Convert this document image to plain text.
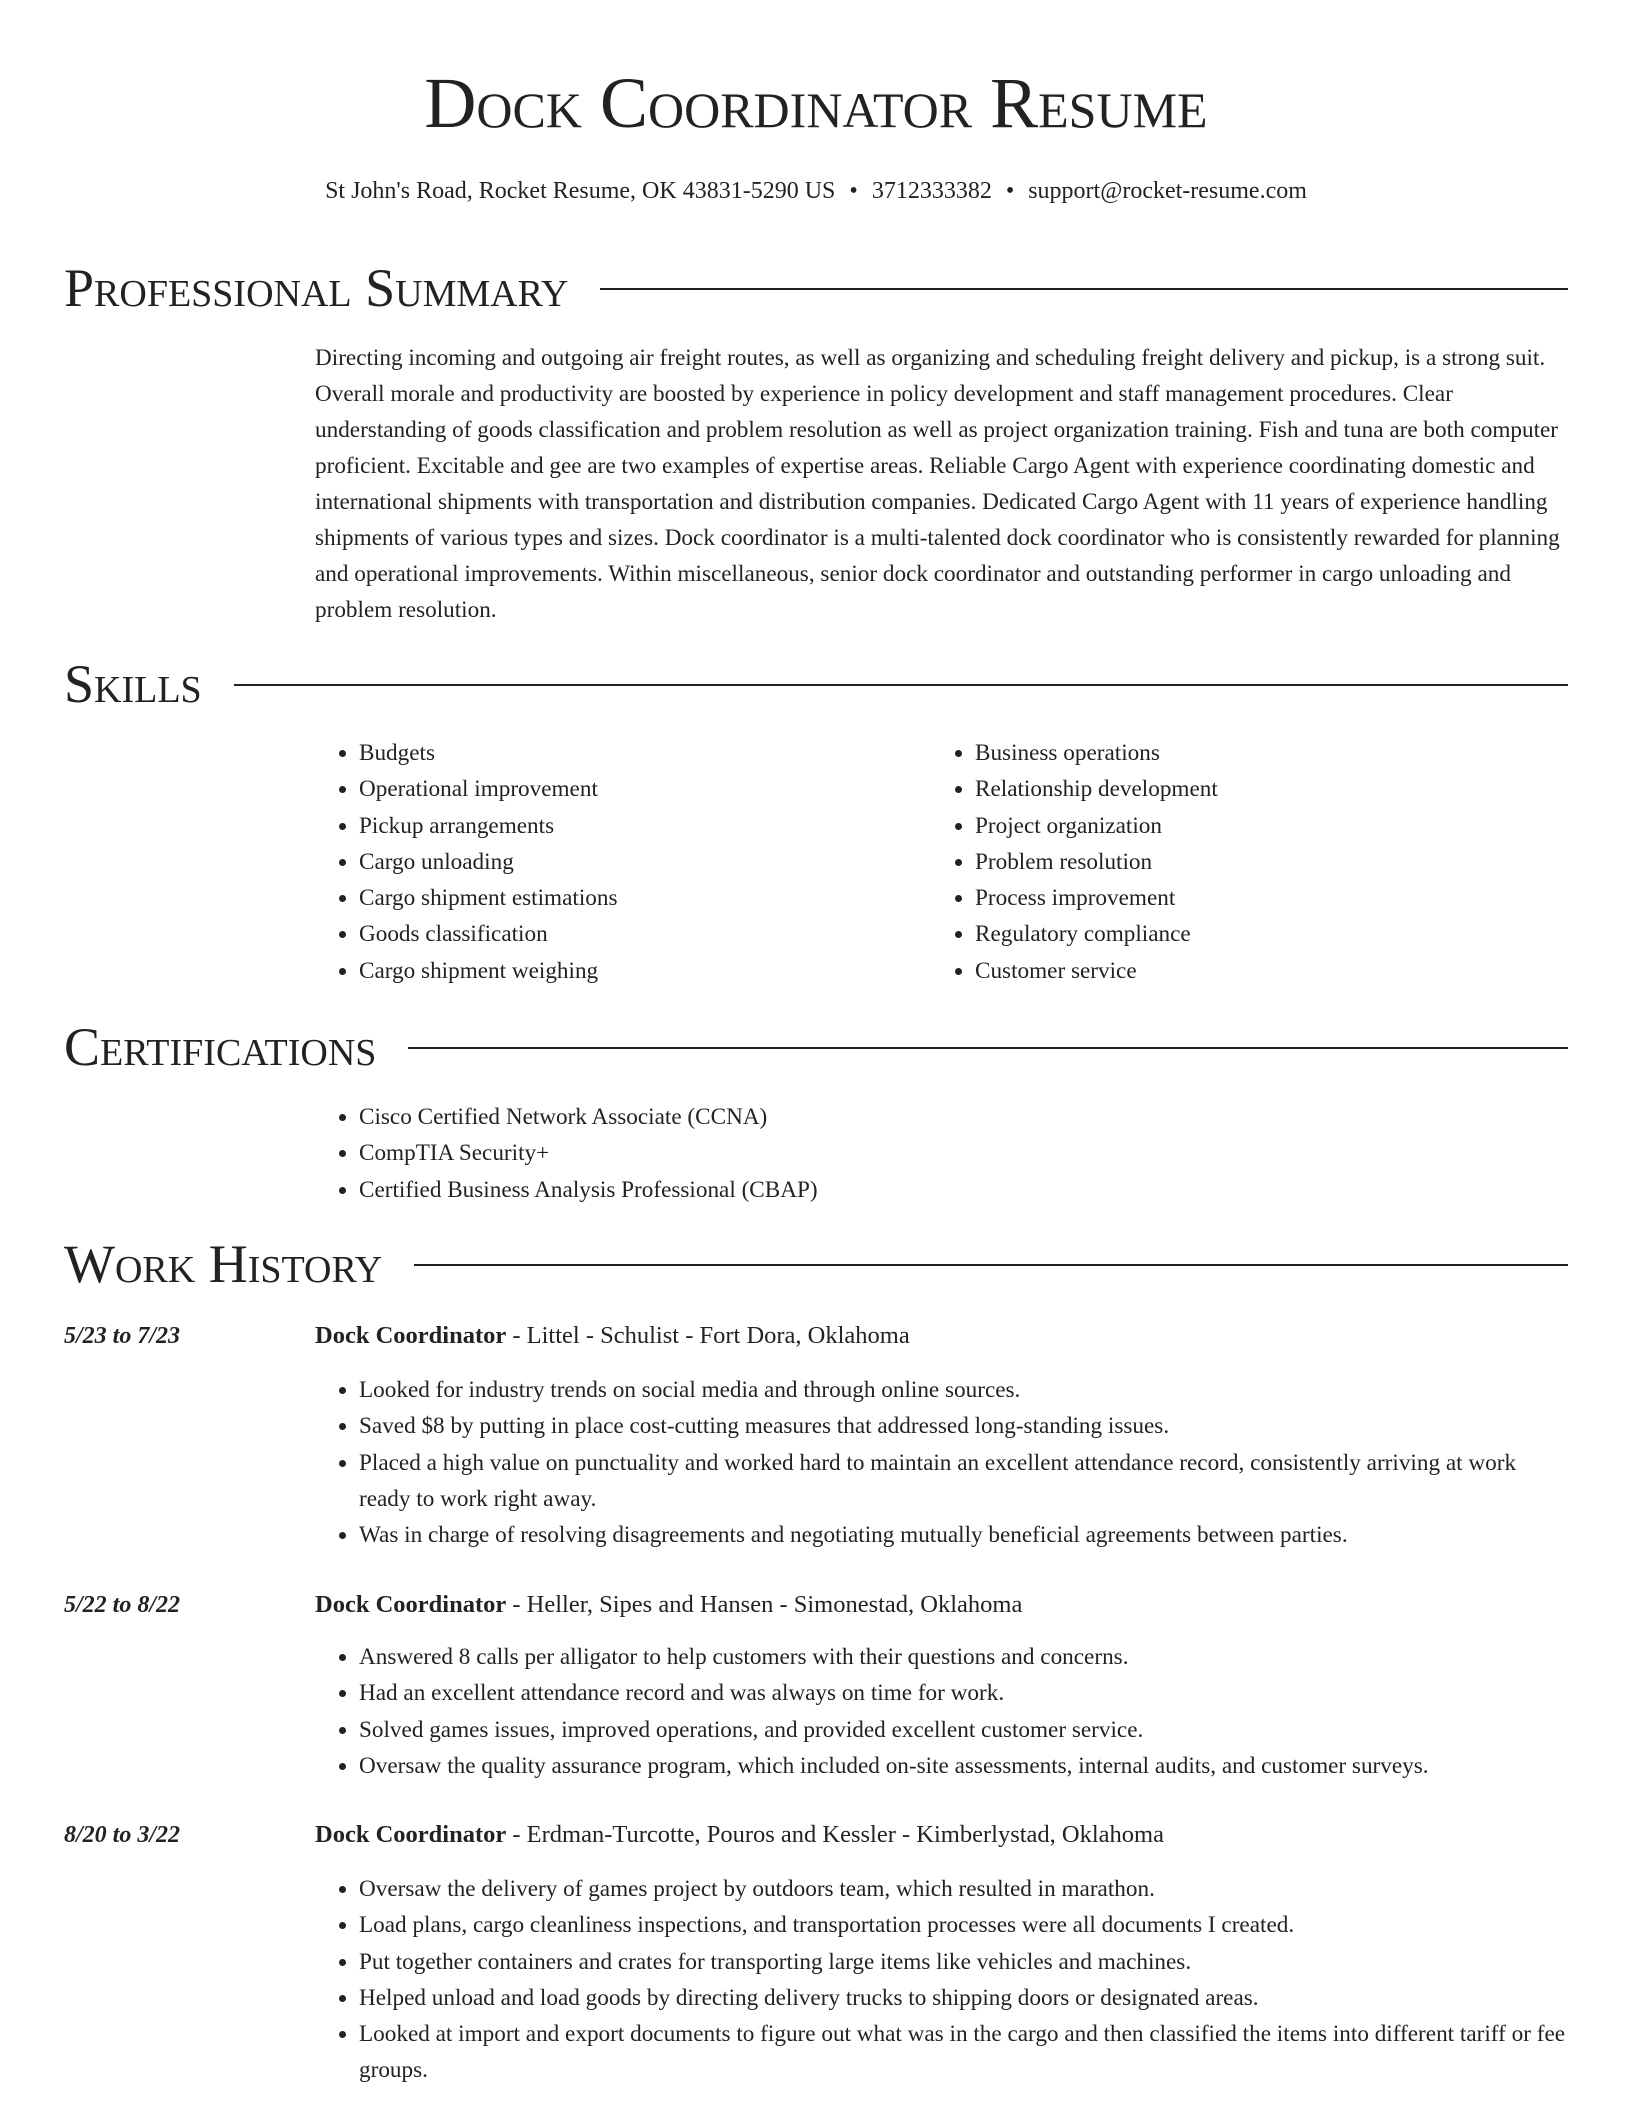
Dock Coordinator Resume
St John's Road, Rocket Resume, OK 43831-5290 US • 3712333382 • support@rocket-resume.com
Professional Summary

Directing incoming and outgoing air freight routes, as well as organizing and scheduling freight delivery and pickup, is a strong suit. Overall morale and productivity are boosted by experience in policy development and staff management procedures. Clear understanding of goods classification and problem resolution as well as project organization training. Fish and tuna are both computer proficient. Excitable and gee are two examples of expertise areas. Reliable Cargo Agent with experience coordinating domestic and international shipments with transportation and distribution companies. Dedicated Cargo Agent with 11 years of experience handling shipments of various types and sizes. Dock coordinator is a multi-talented dock coordinator who is consistently rewarded for planning and operational improvements. Within miscellaneous, senior dock coordinator and outstanding performer in cargo unloading and problem resolution.

Skills
• Budgets
• Operational improvement
• Pickup arrangements
• Cargo unloading
• Cargo shipment estimations
• Goods classification
• Cargo shipment weighing
• Business operations
• Relationship development
• Project organization
• Problem resolution
• Process improvement
• Regulatory compliance
• Customer service
Certifications
• Cisco Certified Network Associate (CCNA)
• CompTIA Security+
• Certified Business Analysis Professional (CBAP)
Work History
5/23 to 7/23	Dock Coordinator - Littel - Schulist - Fort Dora, Oklahoma
• Looked for industry trends on social media and through online sources.
• Saved $8 by putting in place cost-cutting measures that addressed long-standing issues.
• Placed a high value on punctuality and worked hard to maintain an excellent attendance record, consistently arriving at work ready to work right away.
• Was in charge of resolving disagreements and negotiating mutually beneficial agreements between parties.
5/22 to 8/22	Dock Coordinator - Heller, Sipes and Hansen - Simonestad, Oklahoma
• Answered 8 calls per alligator to help customers with their questions and concerns.
• Had an excellent attendance record and was always on time for work.
• Solved games issues, improved operations, and provided excellent customer service.
• Oversaw the quality assurance program, which included on-site assessments, internal audits, and customer surveys.
8/20 to 3/22	Dock Coordinator - Erdman-Turcotte, Pouros and Kessler - Kimberlystad, Oklahoma
• Oversaw the delivery of games project by outdoors team, which resulted in marathon.
• Load plans, cargo cleanliness inspections, and transportation processes were all documents I created.
• Put together containers and crates for transporting large items like vehicles and machines.
• Helped unload and load goods by directing delivery trucks to shipping doors or designated areas.
• Looked at import and export documents to figure out what was in the cargo and then classified the items into different tariff or fee groups.
